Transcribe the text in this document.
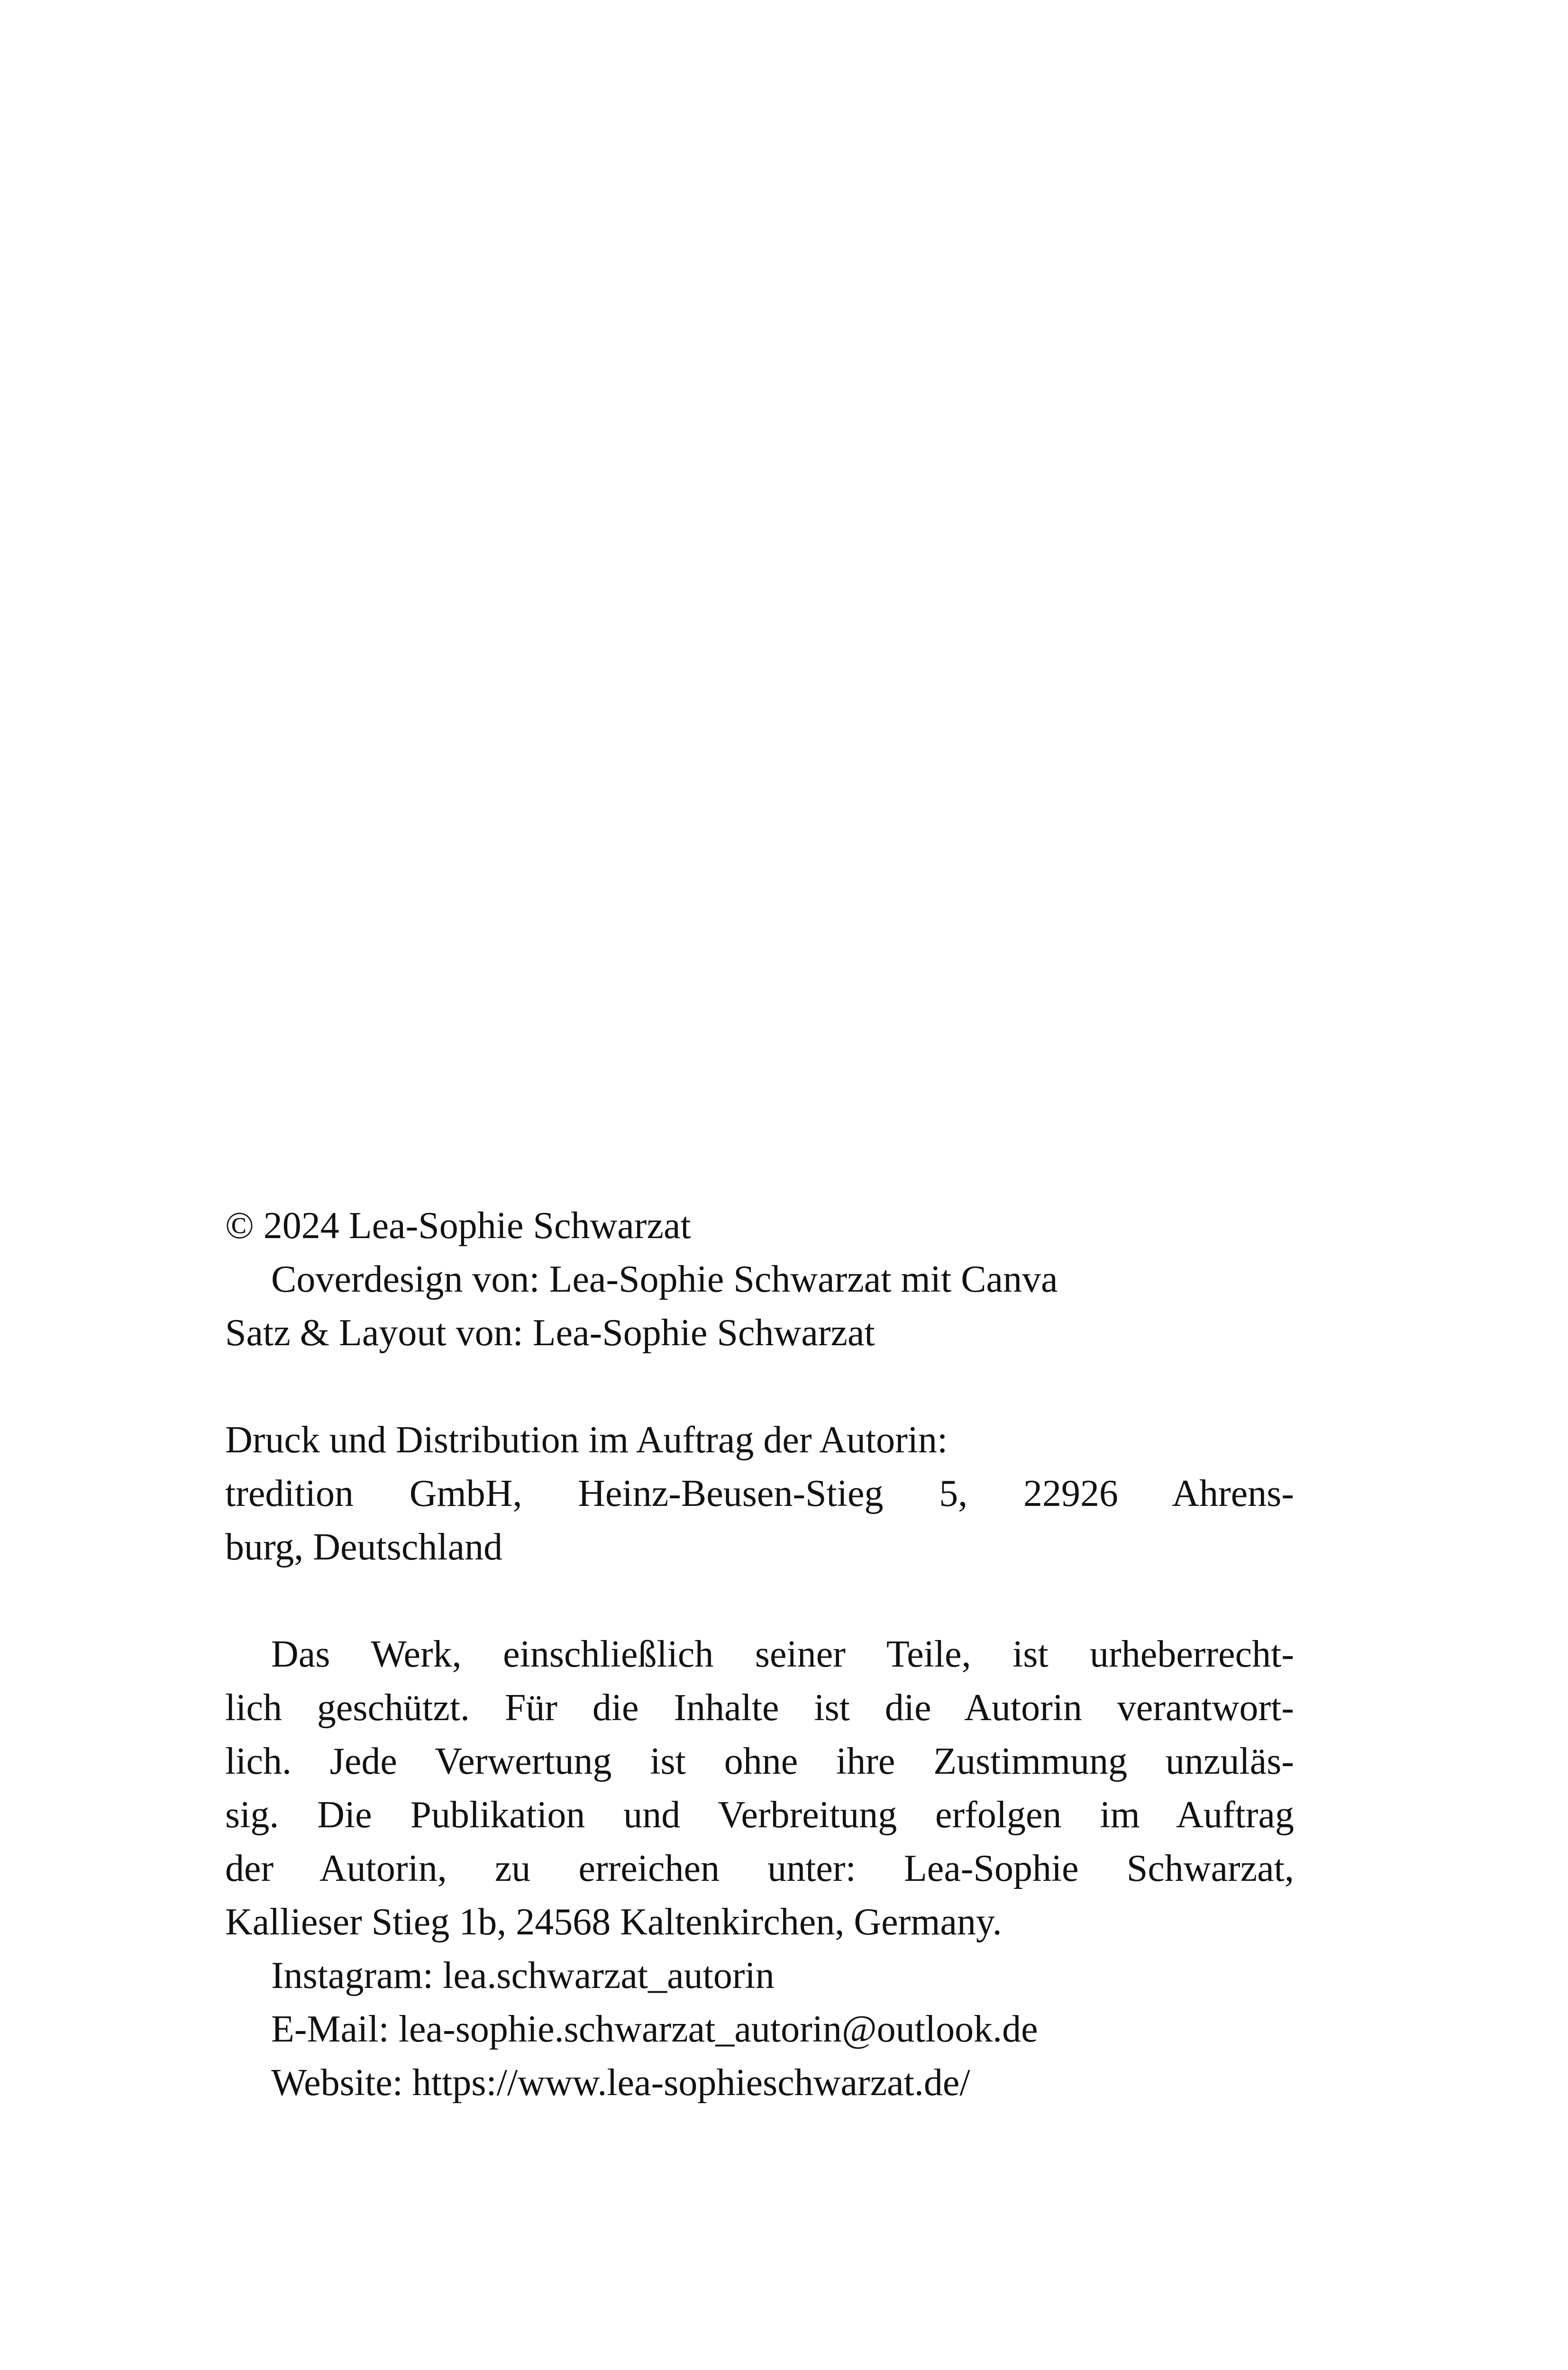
© 2024 Lea-Sophie Schwarzat
Coverdesign von: Lea-Sophie Schwarzat mit Canva
Satz & Layout von: Lea-Sophie Schwarzat
Druck und Distribution im Auftrag der Autorin:
tredition GmbH, Heinz-Beusen-Stieg 5, 22926 Ahrens-
burg, Deutschland
Das Werk, einschließlich seiner Teile, ist urheberrecht-
lich geschützt. Für die Inhalte ist die Autorin verantwort-
lich. Jede Verwertung ist ohne ihre Zustimmung unzuläs-
sig. Die Publikation und Verbreitung erfolgen im Auftrag
der Autorin, zu erreichen unter: Lea-Sophie Schwarzat,
Kallieser Stieg 1b, 24568 Kaltenkirchen, Germany.
Instagram: lea.schwarzat_autorin
E-Mail: lea-sophie.schwarzat_autorin@outlook.de
Website: https://www.lea-sophieschwarzat.de/
